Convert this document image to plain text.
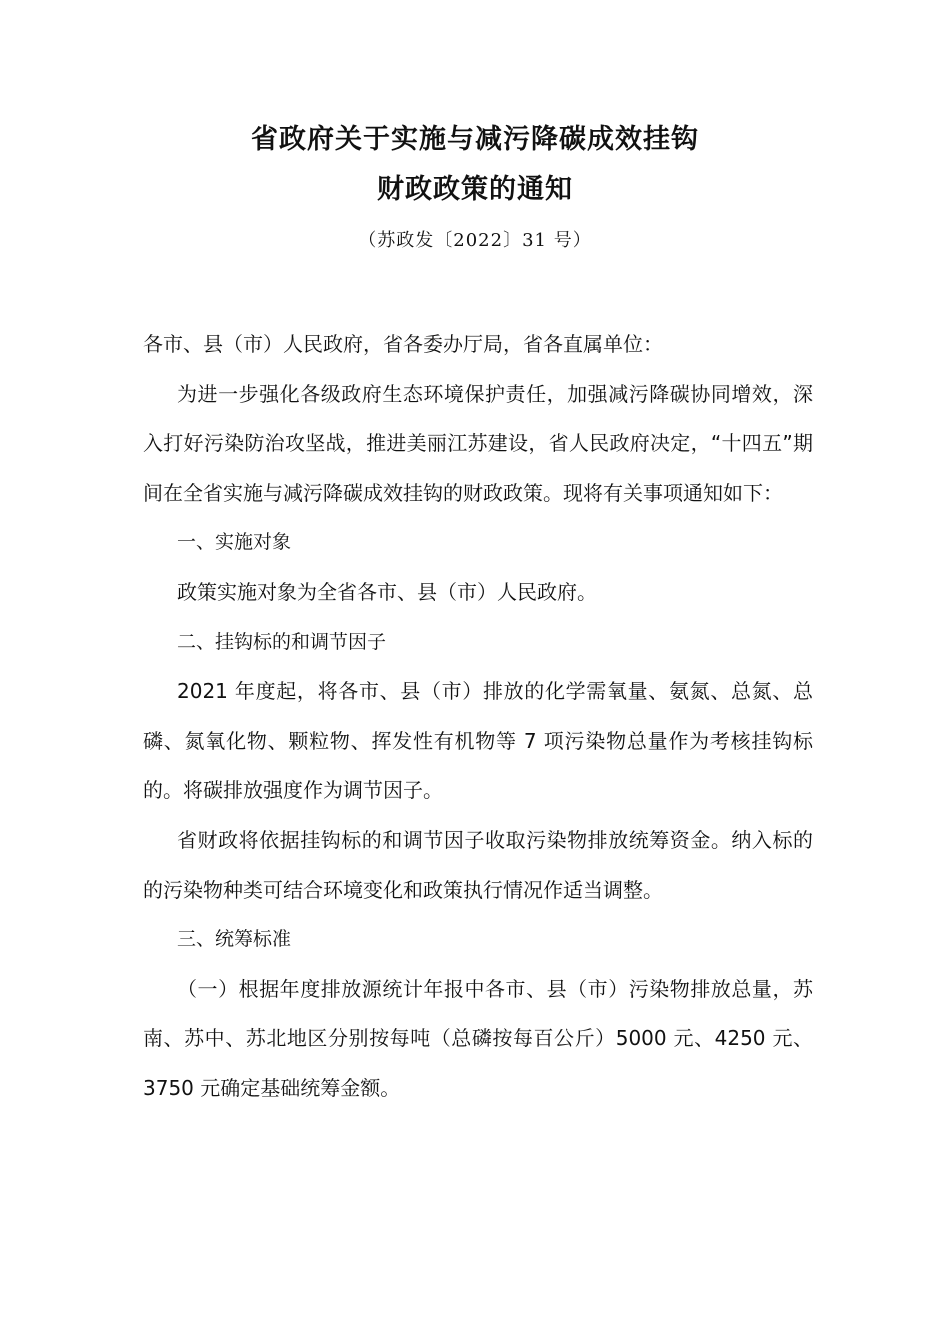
省政府关于实施与减污降碳成效挂钩
财政政策的通知
（苏政发〔2022〕31 号）

各市、县（市）人民政府，省各委办厅局，省各直属单位：

为进一步强化各级政府生态环境保护责任，加强减污降碳协同增效，深入打好污染防治攻坚战，推进美丽江苏建设，省人民政府决定，“十四五”期间在全省实施与减污降碳成效挂钩的财政政策。现将有关事项通知如下：

一、实施对象

政策实施对象为全省各市、县（市）人民政府。

二、挂钩标的和调节因子

2021 年度起，将各市、县（市）排放的化学需氧量、氨氮、总氮、总磷、氮氧化物、颗粒物、挥发性有机物等 7 项污染物总量作为考核挂钩标的。将碳排放强度作为调节因子。

省财政将依据挂钩标的和调节因子收取污染物排放统筹资金。纳入标的的污染物种类可结合环境变化和政策执行情况作适当调整。

三、统筹标准

（一）根据年度排放源统计年报中各市、县（市）污染物排放总量，苏南、苏中、苏北地区分别按每吨（总磷按每百公斤）5000 元、4250 元、3750 元确定基础统筹金额。
